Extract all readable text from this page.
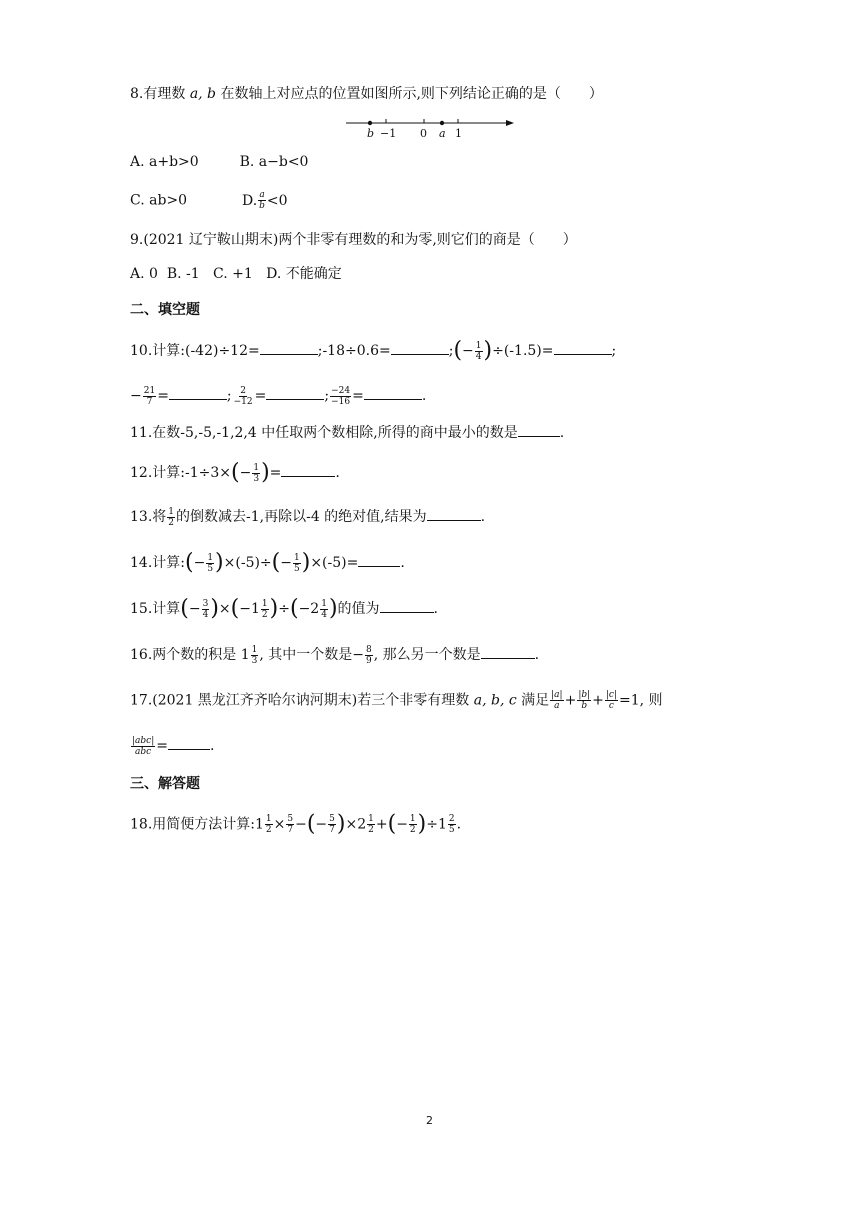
8.有理数 a, b 在数轴上对应点的位置如图所示,则下列结论正确的是（　　）
b −1 0 a 1
A. a+b>0	B. a−b<0
C. ab>0	D. $\frac{a}{b} <0$
9.(2021 辽宁鞍山期末)两个非零有理数的和为零,则它们的商是（　　）
A. 0  B. -1   C. +1   D. 不能确定
二、填空题
10.计算:(-42)÷12=	;-18÷0.6=	;(− $\frac{1}{4} )\div(-1.5)=$	;
− $\frac{21}{7}$ =	; $\frac{2}{-12}$ =	; $\frac{-24}{-16}$ =	.
11.在数-5,-5,-1,2,4 中任取两个数相除,所得的商中最小的数是	.
12.计算:-1÷3×(− $\frac{1}{3}$ )=	.
13.将 $\frac{1}{2}$ 的倒数减去-1,再除以-4 的绝对值,结果为	.
14.计算:(− $\frac{1}{5} )\times(-5)\div(- \frac{1}{5} )\times(-5)=$	.
15.计算(− $\frac{3}{4} )\times(-1 \frac{1}{2} )\div(-2 \frac{1}{4}$ )的值为	.
16.两个数的积是 $1 \frac{1}{3}$ , 其中一个数是− $\frac{8}{9}$ , 那么另一个数是	.
17.(2021 黑龙江齐齐哈尔讷河期末)若三个非零有理数 a, b, c 满足 $\frac{|a|}{a} + \frac{|b|}{b} + \frac{|c|}{c} =1$, 则
$\frac{\text{|abc|}}{\text{abc}}$ =	.
三、解答题
18.用简便方法计算:1 $\frac{1}{2} \times \frac{5}{7}$ −(− $\frac{5}{7} )\times 2 \frac{1}{2}$ +(− $\frac{1}{2} )\div 1 \frac{2}{5}$ .
2
